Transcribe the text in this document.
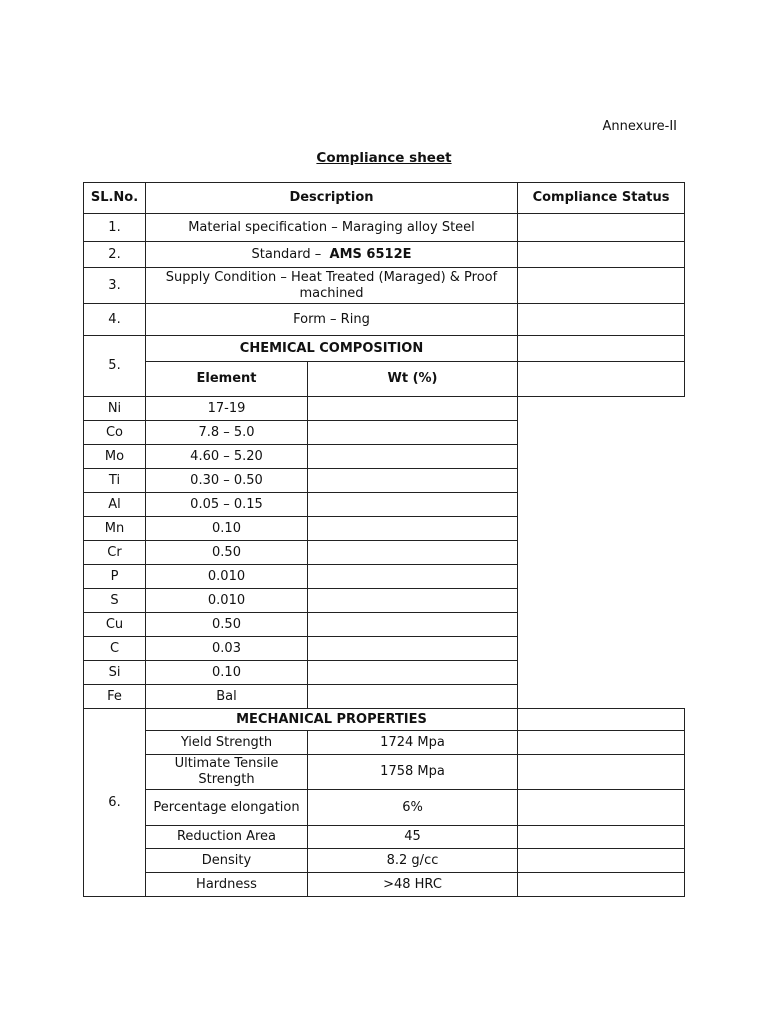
Annexure-II
Compliance sheet
SL.No.	Description		Compliance Status
1.	Material specification – Maraging alloy Steel		
2.	Standard – AMS 6512E		
3.	Supply Condition – Heat Treated (Maraged) & Proof machined		
4.	Form – Ring		
5.	CHEMICAL COMPOSITION		
	Element	Wt (%)	
Ni	17-19		
Co	7.8 – 5.0		
Mo	4.60 – 5.20		
Ti	0.30 – 0.50		
Al	0.05 – 0.15		
Mn	0.10		
Cr	0.50		
P	0.010		
S	0.010		
Cu	0.50		
C	0.03		
Si	0.10		
Fe	Bal		
6.	MECHANICAL PROPERTIES		
	Yield Strength	1724 Mpa	
	Ultimate Tensile Strength	1758 Mpa	
	Percentage elongation	6%	
	Reduction Area	45	
	Density	8.2 g/cc	
	Hardness	>48 HRC	
